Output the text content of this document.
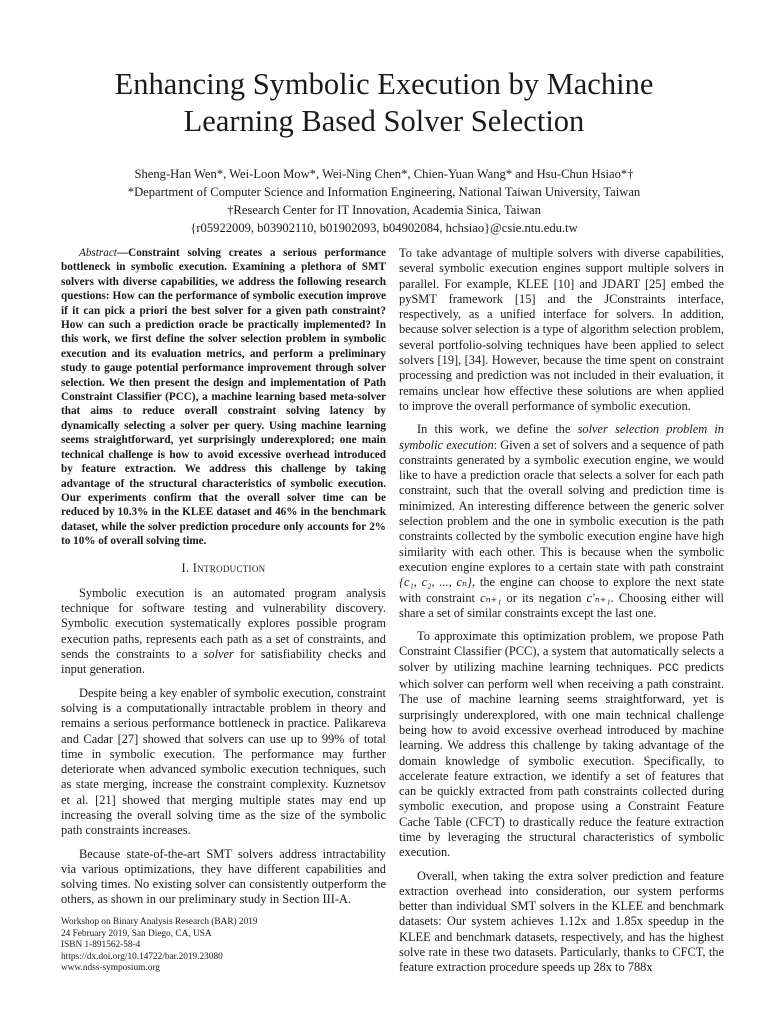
Enhancing Symbolic Execution by Machine
Learning Based Solver Selection
Sheng-Han Wen*, Wei-Loon Mow*, Wei-Ning Chen*, Chien-Yuan Wang* and Hsu-Chun Hsiao*†
*Department of Computer Science and Information Engineering, National Taiwan University, Taiwan
†Research Center for IT Innovation, Academia Sinica, Taiwan
{r05922009, b03902110, b01902093, b04902084, hchsiao}@csie.ntu.edu.tw

Abstract—Constraint solving creates a serious performance bottleneck in symbolic execution. Examining a plethora of SMT solvers with diverse capabilities, we address the following research questions: How can the performance of symbolic execution improve if it can pick a priori the best solver for a given path constraint? How can such a prediction oracle be practically implemented? In this work, we first define the solver selection problem in symbolic execution and its evaluation metrics, and perform a preliminary study to gauge potential performance improvement through solver selection. We then present the design and implementation of Path Constraint Classifier (PCC), a machine learning based meta-solver that aims to reduce overall constraint solving latency by dynamically selecting a solver per query. Using machine learning seems straightforward, yet surprisingly underexplored; one main technical challenge is how to avoid excessive overhead introduced by feature extraction. We address this challenge by taking advantage of the structural characteristics of symbolic execution. Our experiments confirm that the overall solver time can be reduced by 10.3% in the KLEE dataset and 46% in the benchmark dataset, while the solver prediction procedure only accounts for 2% to 10% of overall solving time.

I. Introduction

Symbolic execution is an automated program analysis technique for software testing and vulnerability discovery. Symbolic execution systematically explores possible program execution paths, represents each path as a set of constraints, and sends the constraints to a solver for satisfiability checks and input generation.

Despite being a key enabler of symbolic execution, constraint solving is a computationally intractable problem in theory and remains a serious performance bottleneck in practice. Palikareva and Cadar [27] showed that solvers can use up to 99% of total time in symbolic execution. The performance may further deteriorate when advanced symbolic execution techniques, such as state merging, increase the constraint complexity. Kuznetsov et al. [21] showed that merging multiple states may end up increasing the overall solving time as the size of the symbolic path constraints increases.

Because state-of-the-art SMT solvers address intractability via various optimizations, they have different capabilities and solving times. No existing solver can consistently outperform the others, as shown in our preliminary study in Section III-A.

Workshop on Binary Analysis Research (BAR) 2019
24 February 2019, San Diego, CA, USA
ISBN 1-891562-58-4
https://dx.doi.org/10.14722/bar.2019.23080
www.ndss-symposium.org

To take advantage of multiple solvers with diverse capabilities, several symbolic execution engines support multiple solvers in parallel. For example, KLEE [10] and JDART [25] embed the pySMT framework [15] and the JConstraints interface, respectively, as a unified interface for solvers. In addition, because solver selection is a type of algorithm selection problem, several portfolio-solving techniques have been applied to select solvers [19], [34]. However, because the time spent on constraint processing and prediction was not included in their evaluation, it remains unclear how effective these solutions are when applied to improve the overall performance of symbolic execution.

In this work, we define the solver selection problem in symbolic execution: Given a set of solvers and a sequence of path constraints generated by a symbolic execution engine, we would like to have a prediction oracle that selects a solver for each path constraint, such that the overall solving and prediction time is minimized. An interesting difference between the generic solver selection problem and the one in symbolic execution is the path constraints collected by the symbolic execution engine have high similarity with each other. This is because when the symbolic execution engine explores to a certain state with path constraint {c₁, c₂, ..., cₙ}, the engine can choose to explore the next state with constraint cₙ₊₁ or its negation c′ₙ₊₁. Choosing either will share a set of similar constraints except the last one.

To approximate this optimization problem, we propose Path Constraint Classifier (PCC), a system that automatically selects a solver by utilizing machine learning techniques. PCC predicts which solver can perform well when receiving a path constraint. The use of machine learning seems straightforward, yet is surprisingly underexplored, with one main technical challenge being how to avoid excessive overhead introduced by machine learning. We address this challenge by taking advantage of the domain knowledge of symbolic execution. Specifically, to accelerate feature extraction, we identify a set of features that can be quickly extracted from path constraints collected during symbolic execution, and propose using a Constraint Feature Cache Table (CFCT) to drastically reduce the feature extraction time by leveraging the structural characteristics of symbolic execution.

Overall, when taking the extra solver prediction and feature extraction overhead into consideration, our system performs better than individual SMT solvers in the KLEE and benchmark datasets: Our system achieves 1.12x and 1.85x speedup in the KLEE and benchmark datasets, respectively, and has the highest solve rate in these two datasets. Particularly, thanks to CFCT, the feature extraction procedure speeds up 28x to 788x
